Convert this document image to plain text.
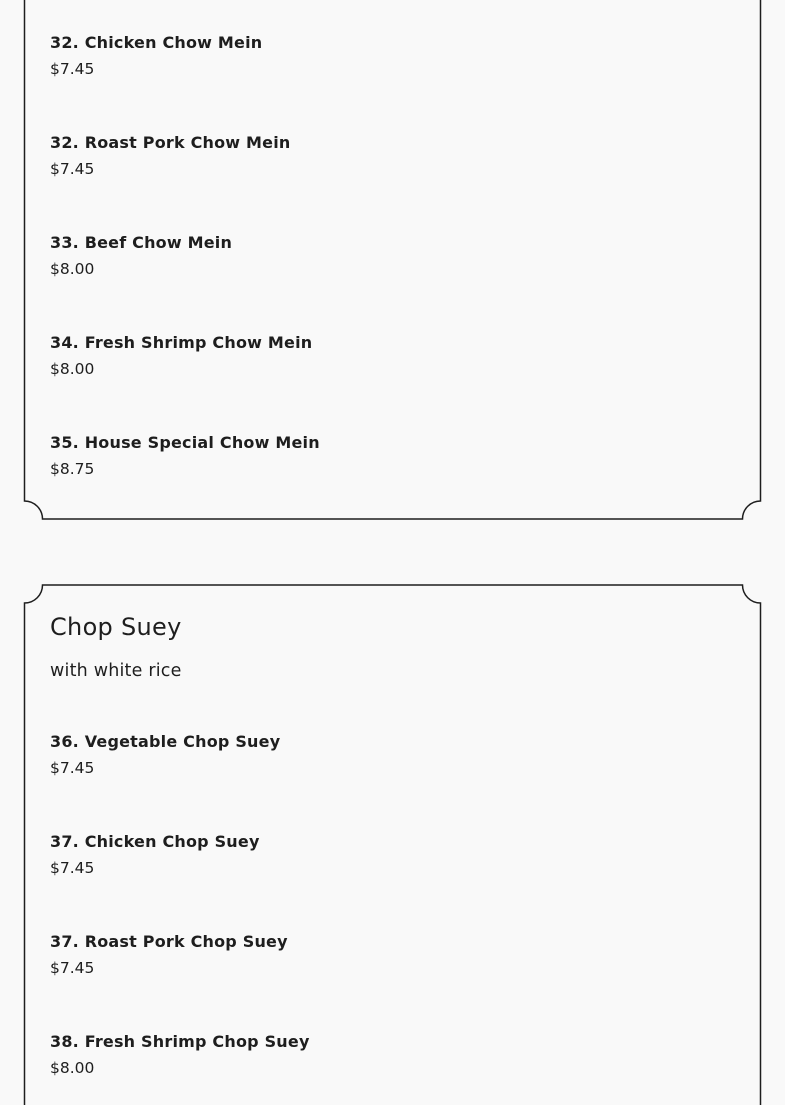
32. Chicken Chow Mein
$7.45
32. Roast Pork Chow Mein
$7.45
33. Beef Chow Mein
$8.00
34. Fresh Shrimp Chow Mein
$8.00
35. House Special Chow Mein
$8.75
Chop Suey
with white rice
36. Vegetable Chop Suey
$7.45
37. Chicken Chop Suey
$7.45
37. Roast Pork Chop Suey
$7.45
38. Fresh Shrimp Chop Suey
$8.00
